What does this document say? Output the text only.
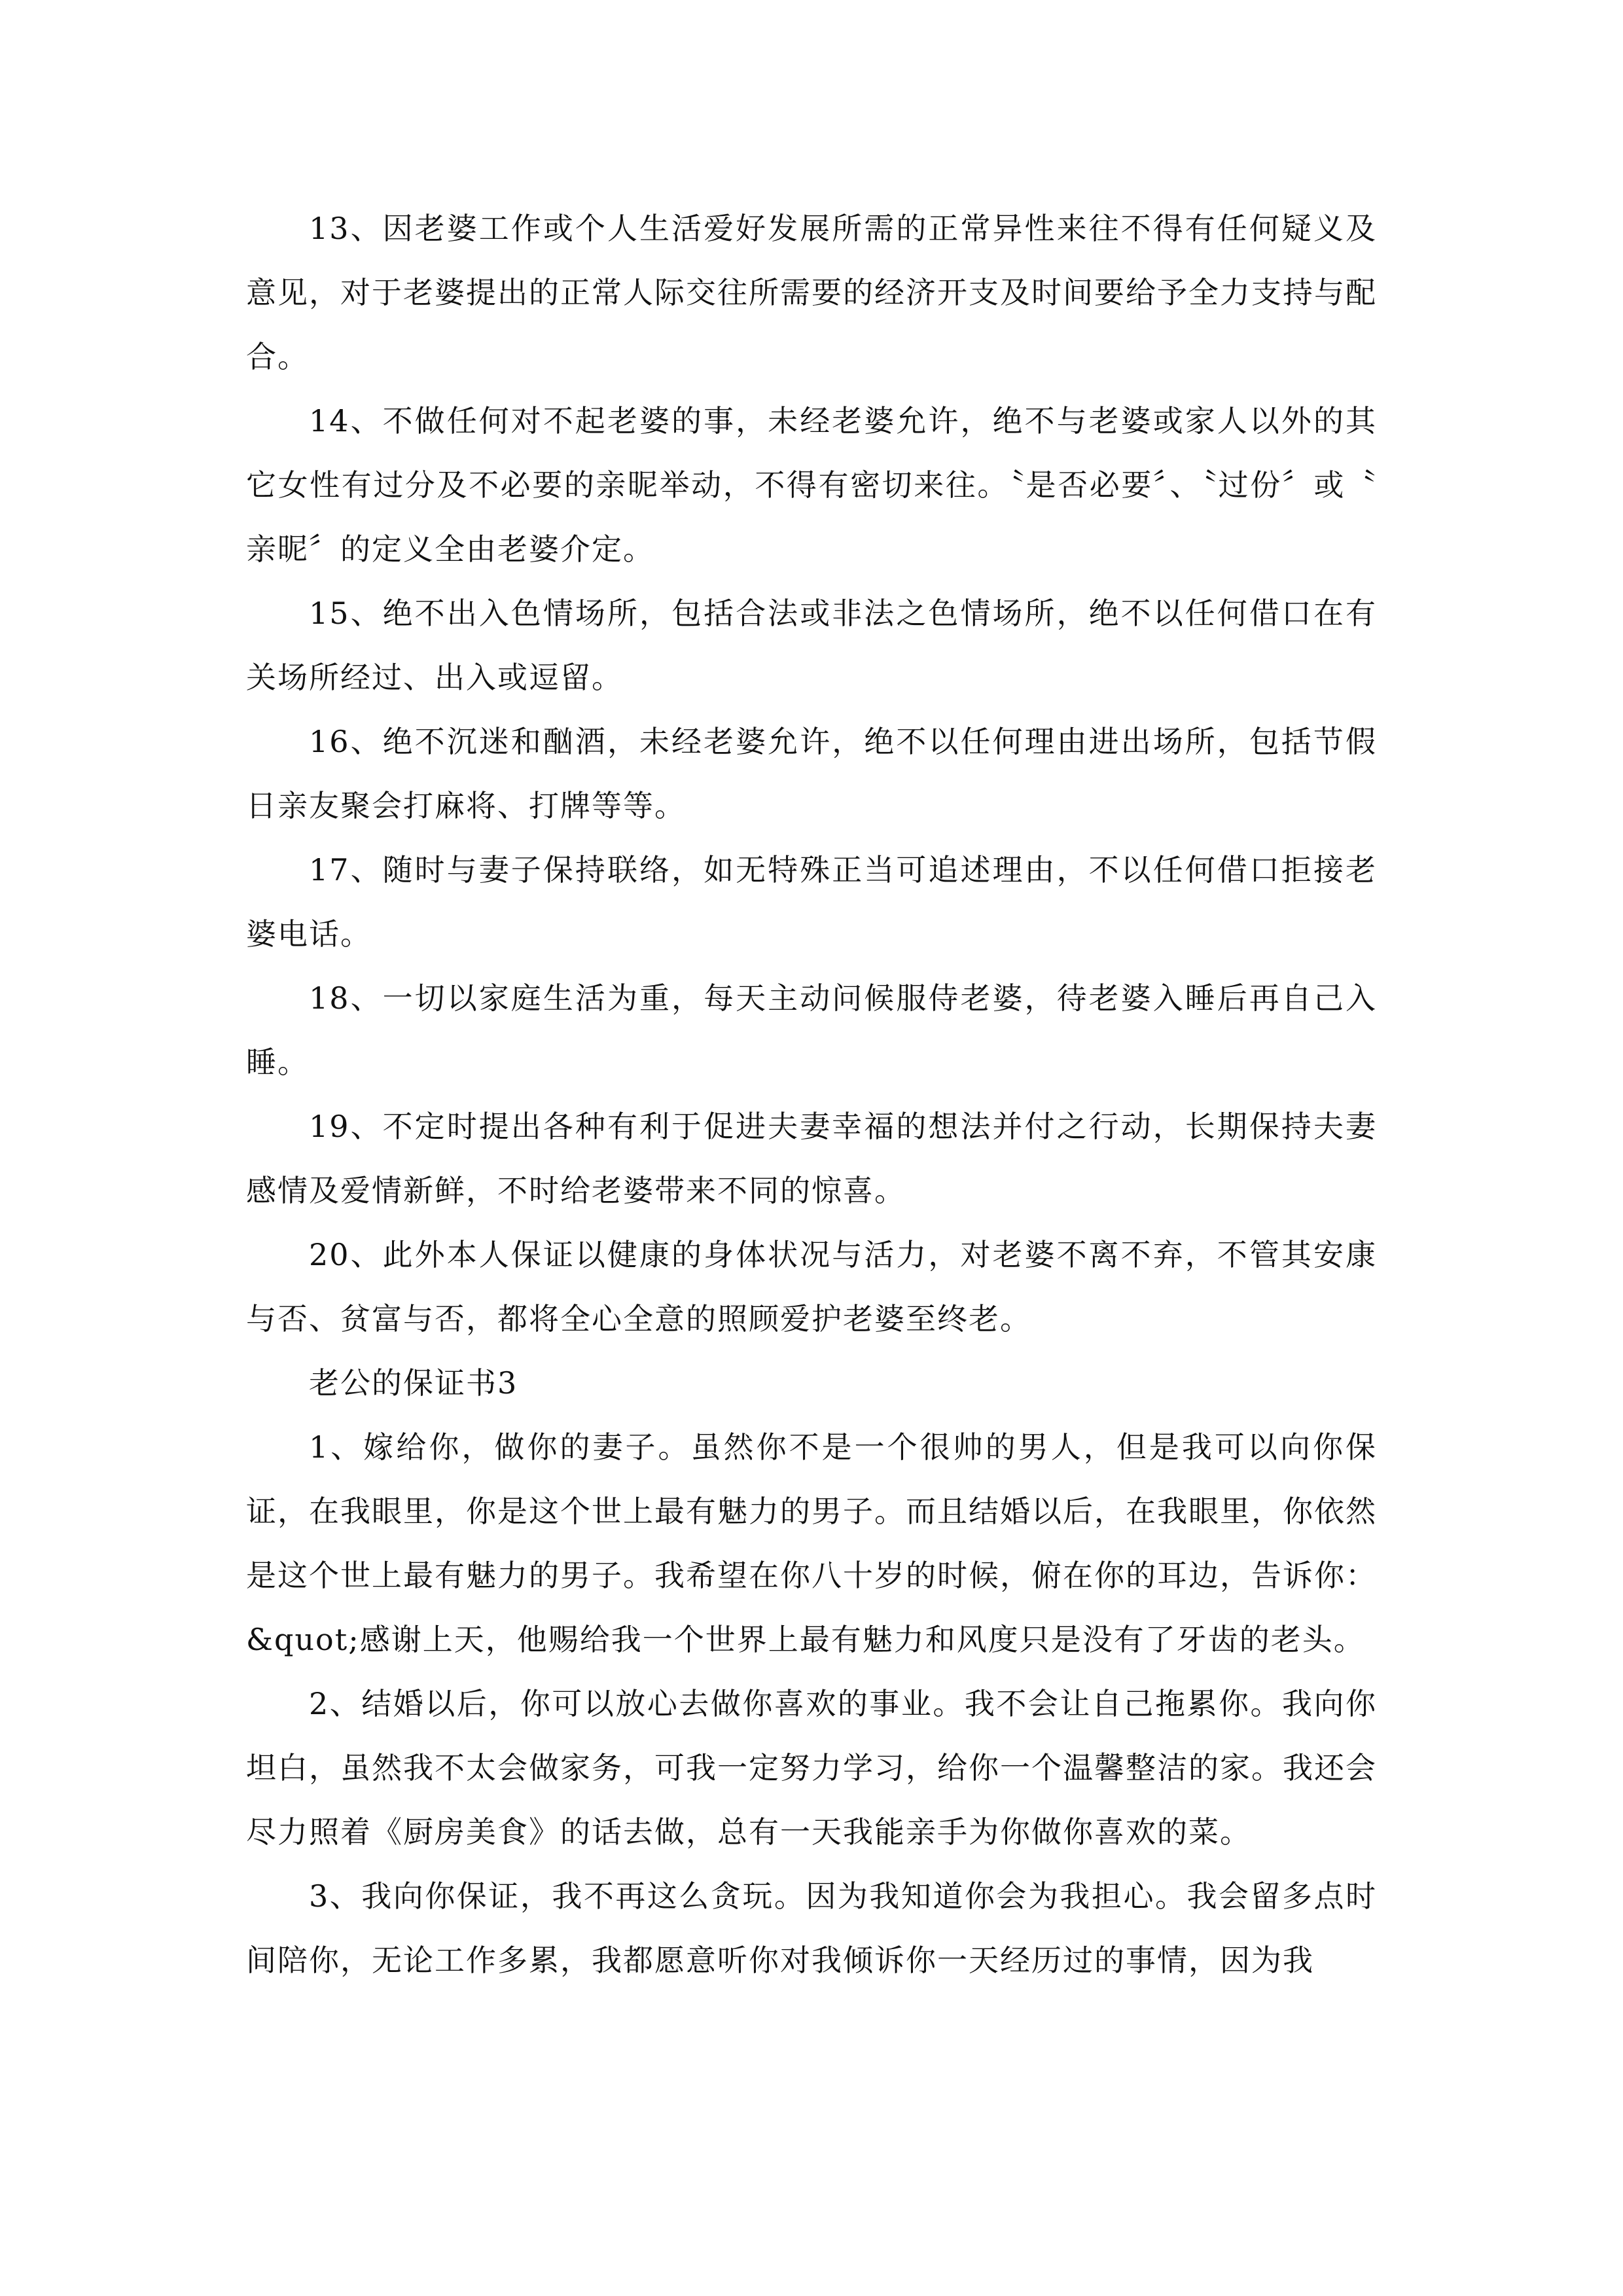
13、因老婆工作或个人生活爱好发展所需的正常异性来往不得有任何疑义及意见，对于老婆提出的正常人际交往所需要的经济开支及时间要给予全力支持与配合。

14、不做任何对不起老婆的事，未经老婆允许，绝不与老婆或家人以外的其它女性有过分及不必要的亲昵举动，不得有密切来往。〝是否必要〞、〝过份〞或〝 亲昵〞的定义全由老婆介定。

15、绝不出入色情场所，包括合法或非法之色情场所，绝不以任何借口在有关场所经过、出入或逗留。

16、绝不沉迷和酗酒，未经老婆允许，绝不以任何理由进出场所，包括节假日亲友聚会打麻将、打牌等等。

17、随时与妻子保持联络，如无特殊正当可追述理由，不以任何借口拒接老婆电话。

18、一切以家庭生活为重，每天主动问候服侍老婆，待老婆入睡后再自己入睡。

19、不定时提出各种有利于促进夫妻幸福的想法并付之行动，长期保持夫妻感情及爱情新鲜，不时给老婆带来不同的惊喜。

20、此外本人保证以健康的身体状况与活力，对老婆不离不弃，不管其安康与否、贫富与否，都将全心全意的照顾爱护老婆至终老。

老公的保证书3

1、嫁给你，做你的妻子。虽然你不是一个很帅的男人，但是我可以向你保证，在我眼里，你是这个世上最有魅力的男子。而且结婚以后，在我眼里，你依然是这个世上最有魅力的男子。我希望在你八十岁的时候，俯在你的耳边，告诉你：&quot;感谢上天，他赐给我一个世界上最有魅力和风度只是没有了牙齿的老头。

2、结婚以后，你可以放心去做你喜欢的事业。我不会让自己拖累你。我向你坦白，虽然我不太会做家务，可我一定努力学习，给你一个温馨整洁的家。我还会尽力照着《厨房美食》的话去做，总有一天我能亲手为你做你喜欢的菜。

3、我向你保证，我不再这么贪玩。因为我知道你会为我担心。我会留多点时间陪你，无论工作多累，我都愿意听你对我倾诉你一天经历过的事情，因为我
